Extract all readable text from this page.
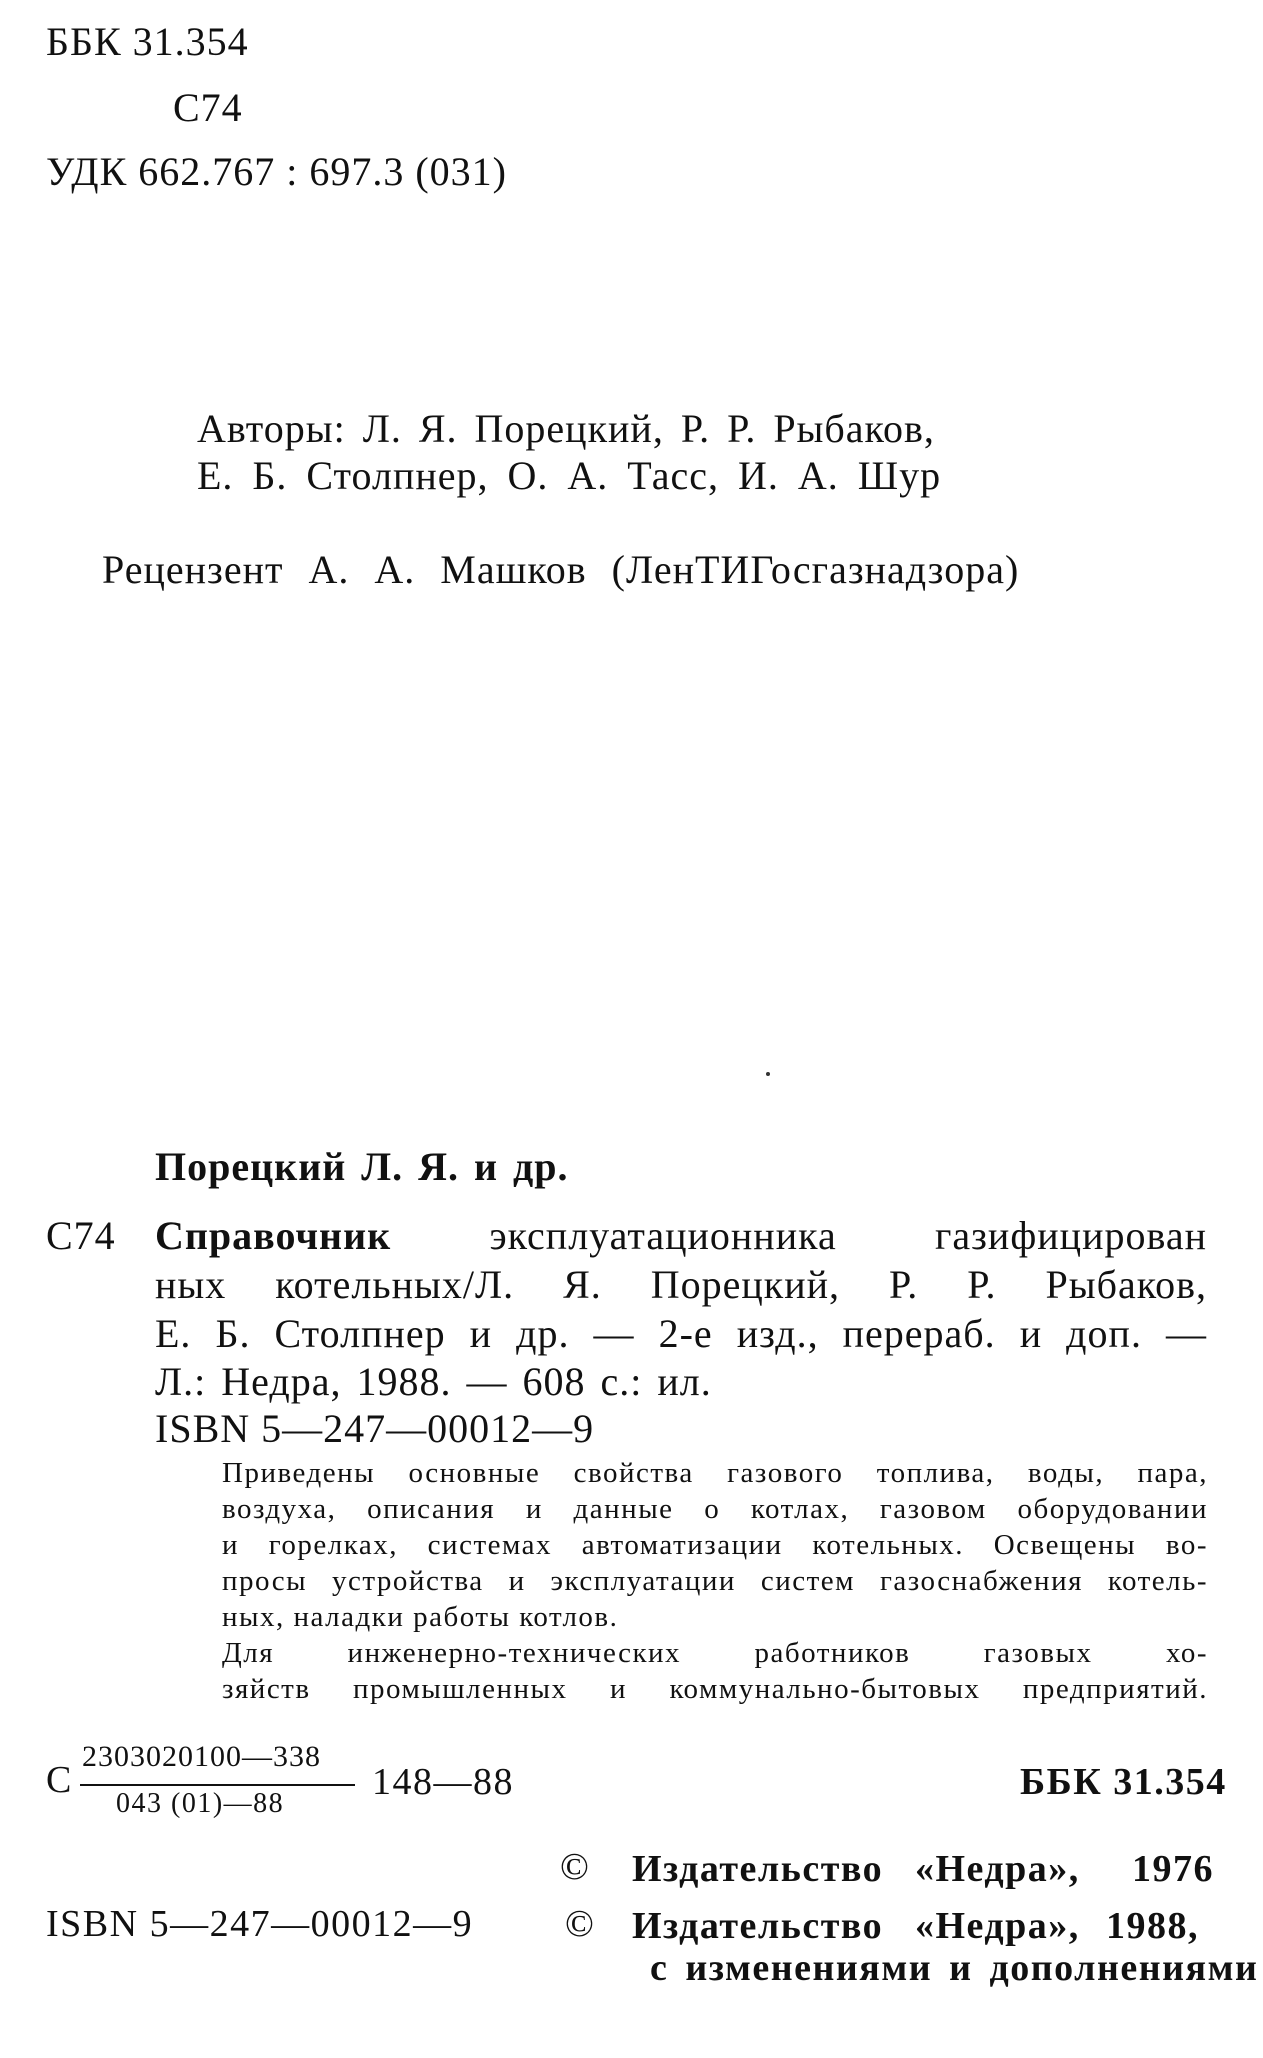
ББК 31.354
С74
УДК 662.767 : 697.3 (031)
Авторы: Л. Я. Порецкий, Р. Р. Рыбаков,
Е. Б. Столпнер, О. А. Тасс, И. А. Шур
Рецензент А. А. Машков (ЛенТИГосгазнадзора)
Порецкий Л. Я. и др.
С74 Справочник эксплуатационника газифицирован
ных котельных/Л. Я. Порецкий, Р. Р. Рыбаков,
Е. Б. Столпнер и др. — 2-е изд., перераб. и доп. —
Л.: Недра, 1988. — 608 с.: ил.
ISBN 5—247—00012—9
Приведены основные свойства газового топлива, воды, пара,
воздуха, описания и данные о котлах, газовом оборудовании
и горелках, системах автоматизации котельных. Освещены во-
просы устройства и эксплуатации систем газоснабжения котель-
ных, наладки работы котлов.
Для инженерно-технических работников газовых хо-
зяйств промышленных и коммунально-бытовых предприятий.
С
2303020100—338
043 (01)—88
148—88	ББК 31.354
ISBN 5—247—00012—9
© Издательство «Недра», 1976
© Издательство «Недра», 1988,
с изменениями и дополнениями
